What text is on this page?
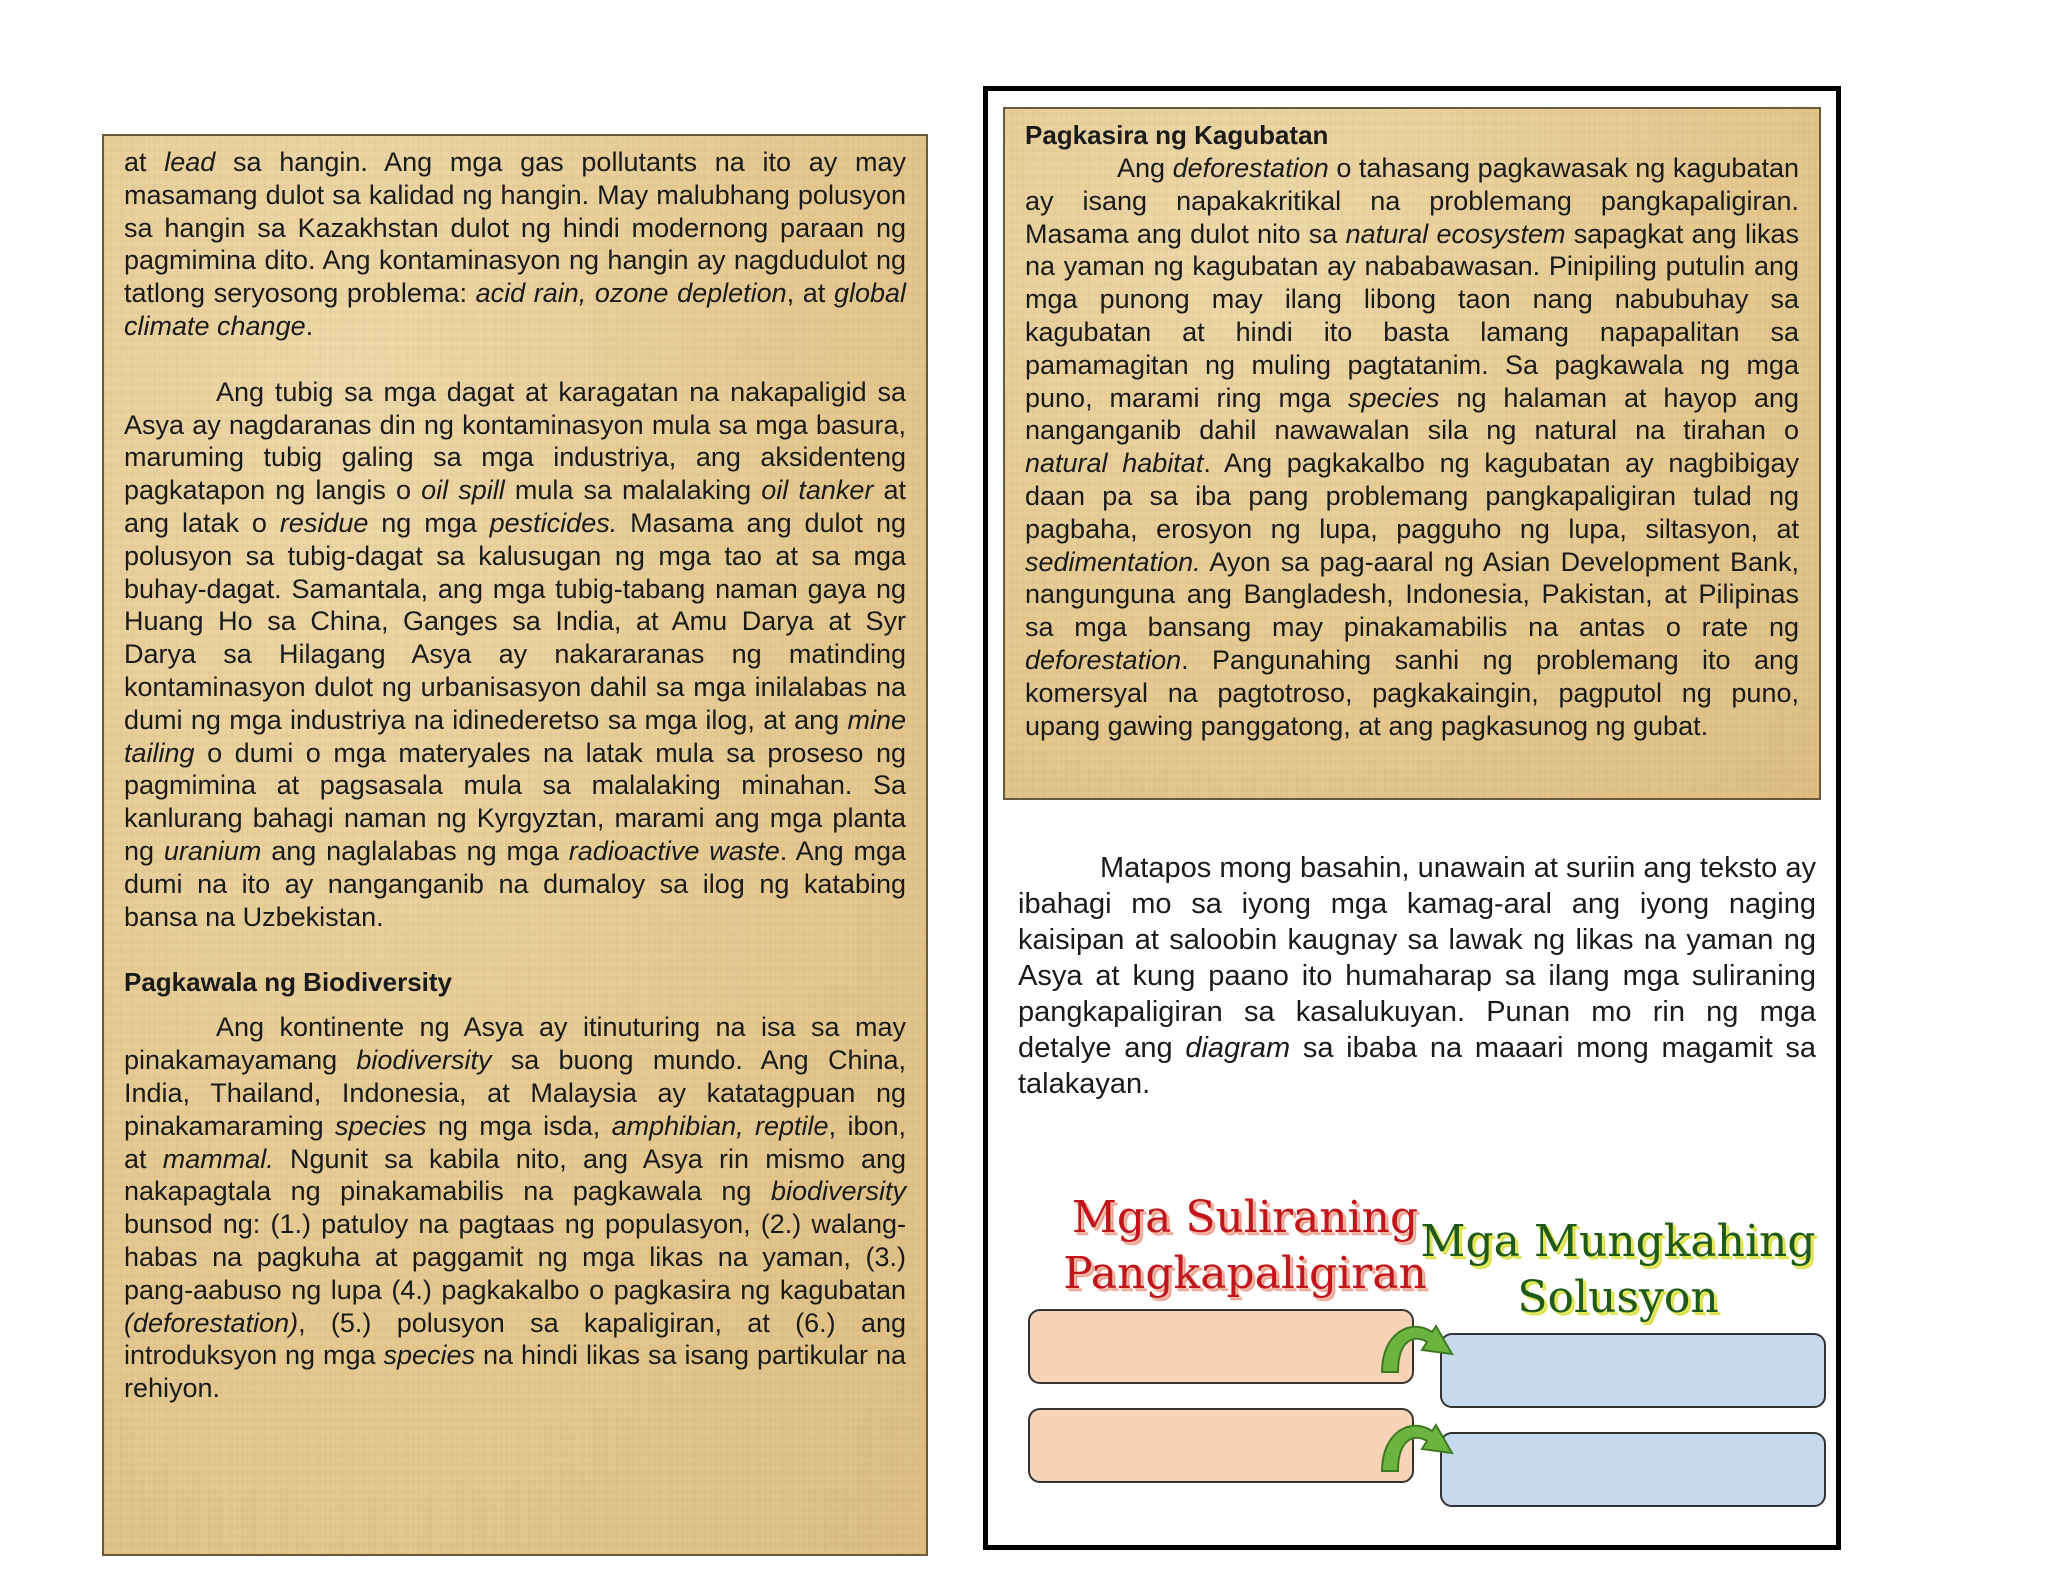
at lead sa hangin. Ang mga gas pollutants na ito ay may masamang dulot sa kalidad ng hangin. May malubhang polusyon sa hangin sa Kazakhstan dulot ng hindi modernong paraan ng pagmimina dito. Ang kontaminasyon ng hangin ay nagdudulot ng tatlong seryosong problema: acid rain, ozone depletion, at global climate change.

Ang tubig sa mga dagat at karagatan na nakapaligid sa Asya ay nagdaranas din ng kontaminasyon mula sa mga basura, maruming tubig galing sa mga industriya, ang aksidenteng pagkatapon ng langis o oil spill mula sa malalaking oil tanker at ang latak o residue ng mga pesticides. Masama ang dulot ng polusyon sa tubig-dagat sa kalusugan ng mga tao at sa mga buhay-dagat. Samantala, ang mga tubig-tabang naman gaya ng Huang Ho sa China, Ganges sa India, at Amu Darya at Syr Darya sa Hilagang Asya ay nakararanas ng matinding kontaminasyon dulot ng urbanisasyon dahil sa mga inilalabas na dumi ng mga industriya na idinederetso sa mga ilog, at ang mine tailing o dumi o mga materyales na latak mula sa proseso ng pagmimina at pagsasala mula sa malalaking minahan. Sa kanlurang bahagi naman ng Kyrgyztan, marami ang mga planta ng uranium ang naglalabas ng mga radioactive waste. Ang mga dumi na ito ay nanganganib na dumaloy sa ilog ng katabing bansa na Uzbekistan.

Pagkawala ng Biodiversity

Ang kontinente ng Asya ay itinuturing na isa sa may pinakamayamang biodiversity sa buong mundo. Ang China, India, Thailand, Indonesia, at Malaysia ay katatagpuan ng pinakamaraming species ng mga isda, amphibian, reptile, ibon, at mammal. Ngunit sa kabila nito, ang Asya rin mismo ang nakapagtala ng pinakamabilis na pagkawala ng biodiversity bunsod ng: (1.) patuloy na pagtaas ng populasyon, (2.) walang-habas na pagkuha at paggamit ng mga likas na yaman, (3.) pang-aabuso ng lupa (4.) pagkakalbo o pagkasira ng kagubatan (deforestation), (5.) polusyon sa kapaligiran, at (6.) ang introduksyon ng mga species na hindi likas sa isang partikular na rehiyon.

Pagkasira ng Kagubatan

Ang deforestation o tahasang pagkawasak ng kagubatan ay isang napakakritikal na problemang pangkapaligiran. Masama ang dulot nito sa natural ecosystem sapagkat ang likas na yaman ng kagubatan ay nababawasan. Pinipiling putulin ang mga punong may ilang libong taon nang nabubuhay sa kagubatan at hindi ito basta lamang napapalitan sa pamamagitan ng muling pagtatanim. Sa pagkawala ng mga puno, marami ring mga species ng halaman at hayop ang nanganganib dahil nawawalan sila ng natural na tirahan o natural habitat. Ang pagkakalbo ng kagubatan ay nagbibigay daan pa sa iba pang problemang pangkapaligiran tulad ng pagbaha, erosyon ng lupa, pagguho ng lupa, siltasyon, at sedimentation. Ayon sa pag-aaral ng Asian Development Bank, nangunguna ang Bangladesh, Indonesia, Pakistan, at Pilipinas sa mga bansang may pinakamabilis na antas o rate ng deforestation. Pangunahing sanhi ng problemang ito ang komersyal na pagtotroso, pagkakaingin, pagputol ng puno, upang gawing panggatong, at ang pagkasunog ng gubat.

Matapos mong basahin, unawain at suriin ang teksto ay ibahagi mo sa iyong mga kamag-aral ang iyong naging kaisipan at saloobin kaugnay sa lawak ng likas na yaman ng Asya at kung paano ito humaharap sa ilang mga suliraning pangkapaligiran sa kasalukuyan. Punan mo rin ng mga detalye ang diagram sa ibaba na maaari mong magamit sa talakayan.

Mga Suliraning Pangkapaligiran

Mga Mungkahing Solusyon
